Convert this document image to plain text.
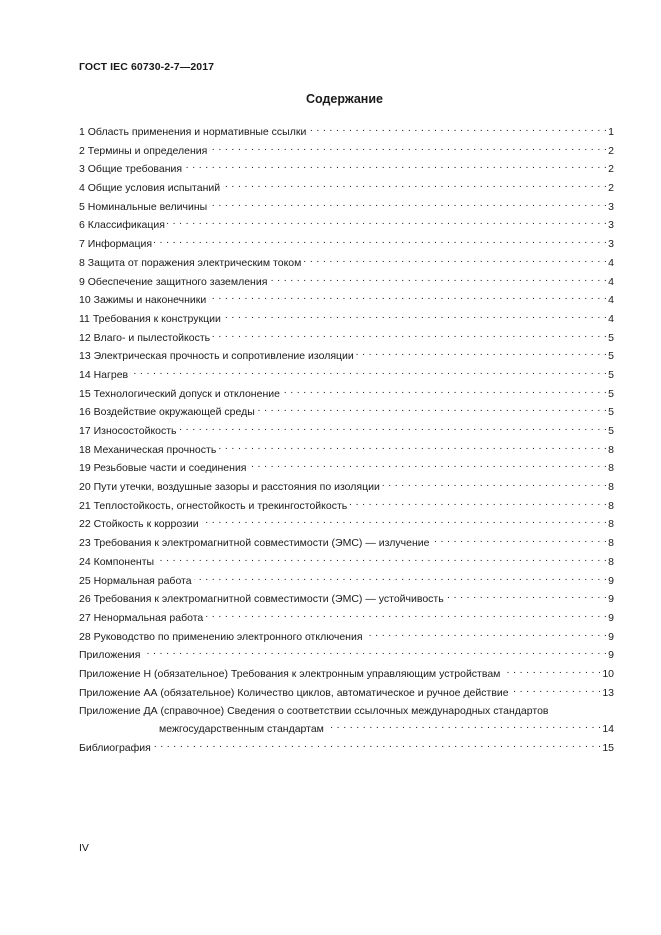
ГОСТ IEC 60730-2-7—2017
Содержание
1 Область применения и нормативные ссылки . . .	1
2 Термины и определения . . .	2
3 Общие требования . . .	2
4 Общие условия испытаний . . .	2
5 Номинальные величины . . .	3
6 Классификация . . .	3
7 Информация . . .	3
8 Защита от поражения электрическим током . . .	4
9 Обеспечение защитного заземления . . .	4
10 Зажимы и наконечники . . .	4
11 Требования к конструкции . . .	4
12 Влаго- и пылестойкость . . .	5
13 Электрическая прочность и сопротивление изоляции . . .	5
14 Нагрев . . .	5
15 Технологический допуск и отклонение . . .	5
16 Воздействие окружающей среды . . .	5
17 Износостойкость . . .	5
18 Механическая прочность . . .	8
19 Резьбовые части и соединения . . .	8
20 Пути утечки, воздушные зазоры и расстояния по изоляции . . .	8
21 Теплостойкость, огнестойкость и трекингостойкость . . .	8
22 Стойкость к коррозии . . .	8
23 Требования к электромагнитной совместимости (ЭМС) — излучение . . .	8
24 Компоненты . . .	8
25 Нормальная работа . . .	9
26 Требования к электромагнитной совместимости (ЭМС) — устойчивость . . .	9
27 Ненормальная работа . . .	9
28 Руководство по применению электронного отключения . . .	9
Приложения . . .	9
Приложение Н (обязательное) Требования к электронным управляющим устройствам . . .	10
Приложение АА (обязательное) Количество циклов, автоматическое и ручное действие . . .	13
Приложение ДА (справочное) Сведения о соответствии ссылочных международных стандартов
межгосударственным стандартам . . .	14
Библиография . . .	15
IV
